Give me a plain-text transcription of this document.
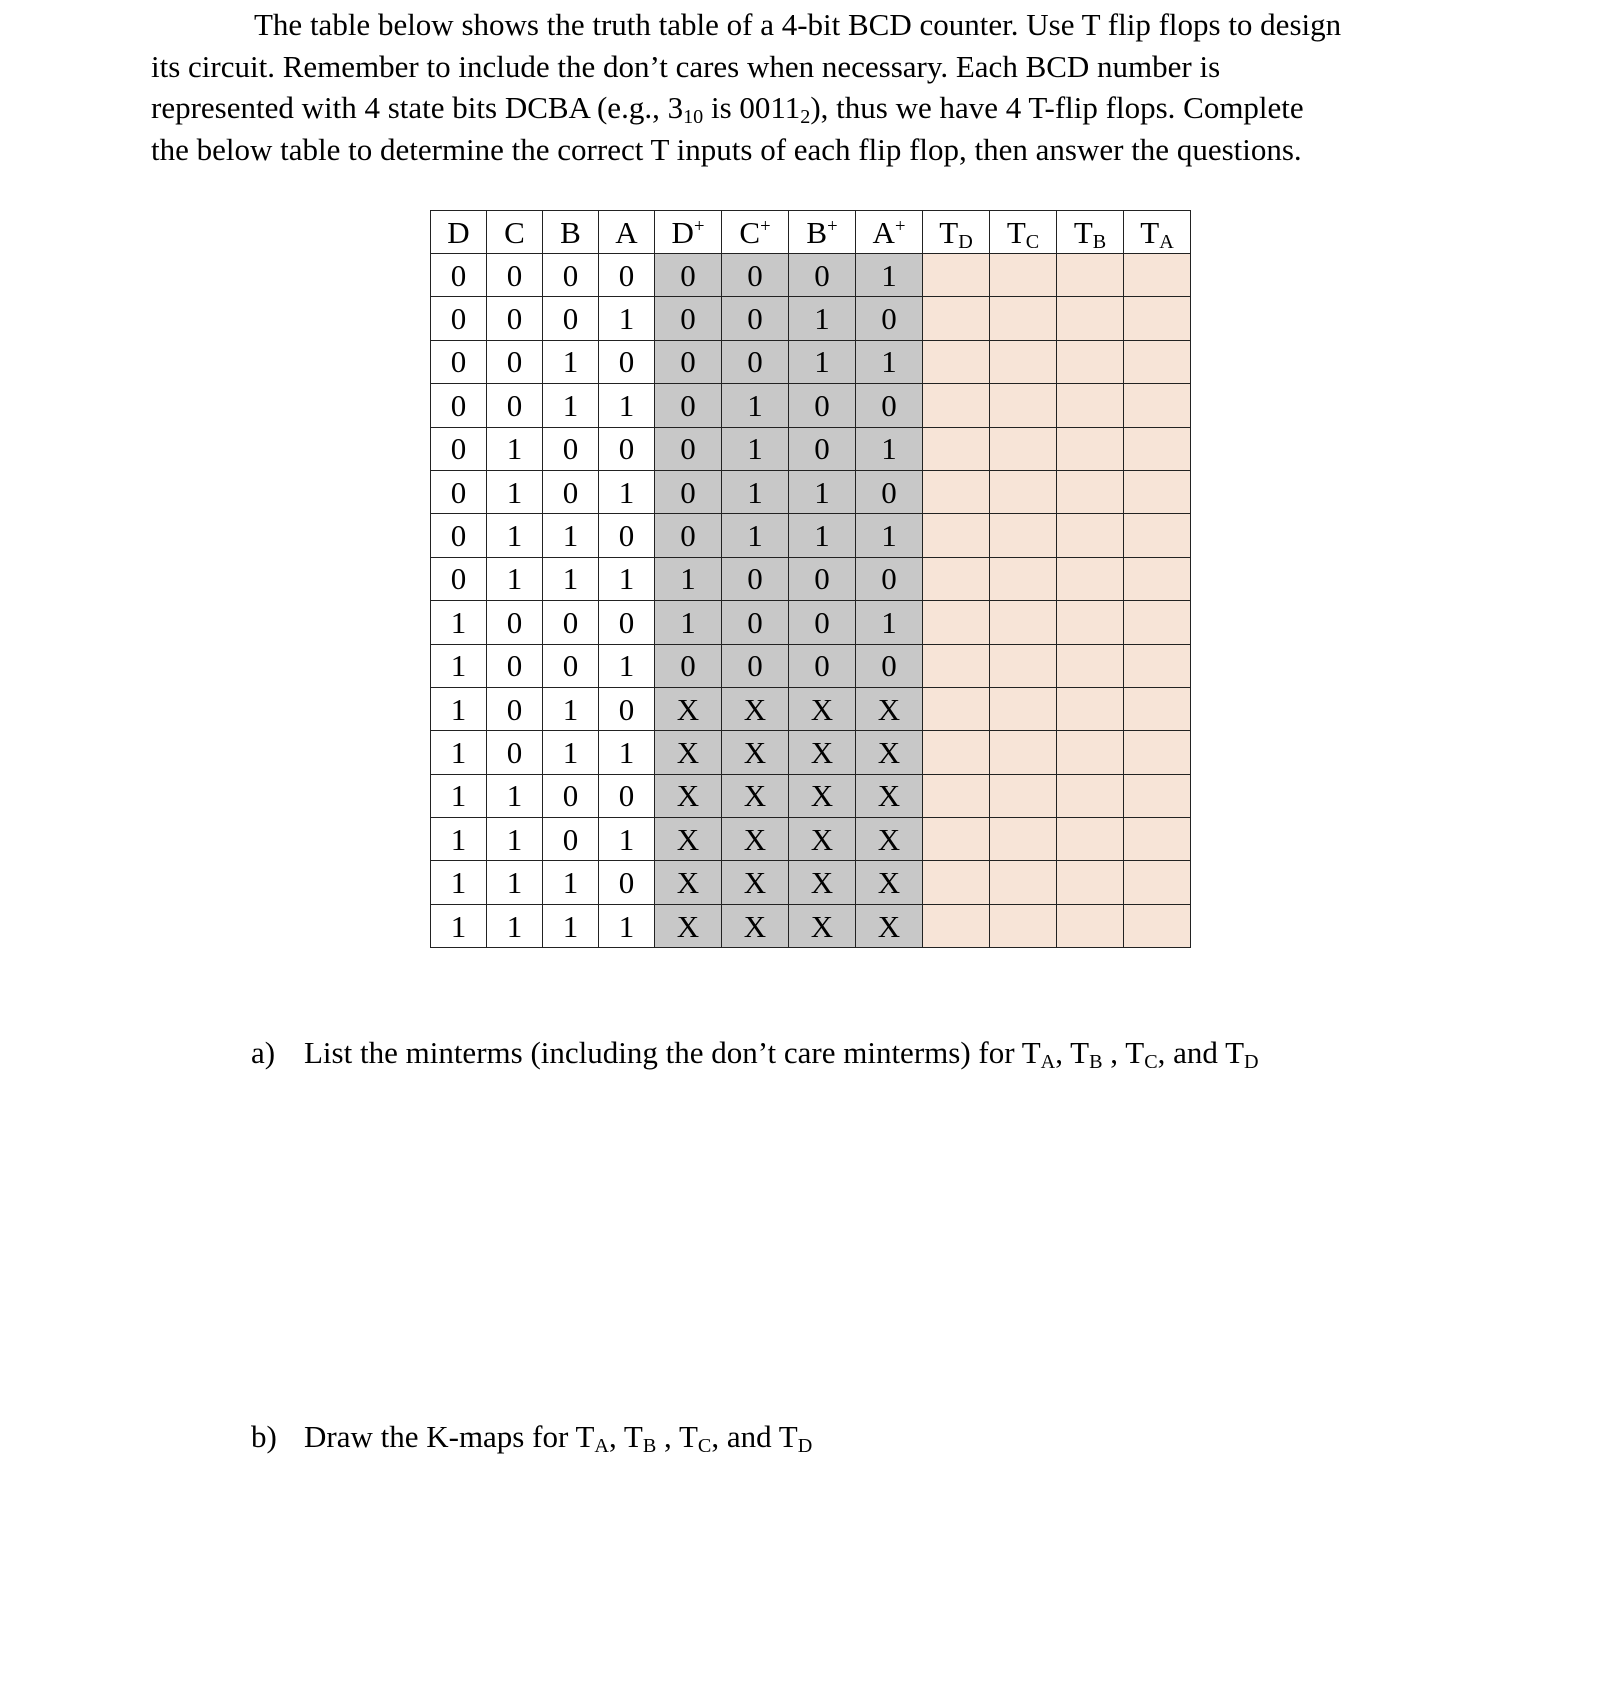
The table below shows the truth table of a 4-bit BCD counter. Use T flip flops to design
its circuit. Remember to include the don’t cares when necessary. Each BCD number is
represented with 4 state bits DCBA (e.g., $3_{10}$ is $0011_2$), thus we have 4 T-flip flops. Complete
the below table to determine the correct T inputs of each flip flop, then answer the questions.
D	C	B	A	D+	C+	B+	A+	$T_D$	$T_C$	$T_B$	$T_A$
0	0	0	0	0	0	0	1				
0	0	0	1	0	0	1	0				
0	0	1	0	0	0	1	1				
0	0	1	1	0	1	0	0				
0	1	0	0	0	1	0	1				
0	1	0	1	0	1	1	0				
0	1	1	0	0	1	1	1				
0	1	1	1	1	0	0	0				
1	0	0	0	1	0	0	1				
1	0	0	1	0	0	0	0				
1	0	1	0	X	X	X	X				
1	0	1	1	X	X	X	X				
1	1	0	0	X	X	X	X				
1	1	0	1	X	X	X	X				
1	1	1	0	X	X	X	X				
1	1	1	1	X	X	X	X				
a) List the minterms (including the don’t care minterms) for $T_A$, $T_B$ , $T_C$, and $T_D$
b) Draw the K-maps for $T_A$, $T_B$ , $T_C$, and $T_D$
